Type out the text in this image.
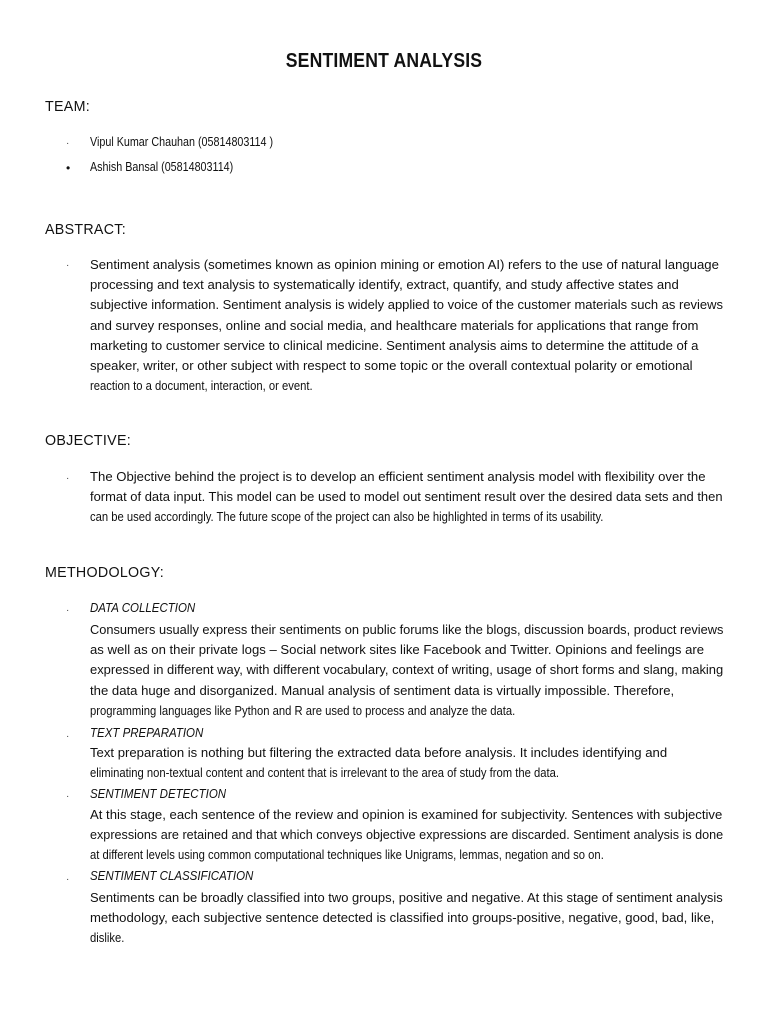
SENTIMENT ANALYSIS
TEAM:
· Vipul Kumar Chauhan (05814803114 )
• Ashish Bansal (05814803114)
ABSTRACT:
· Sentiment analysis (sometimes known as opinion mining or emotion AI) refers to the use of natural language
processing and text analysis to systematically identify, extract, quantify, and study affective states and
subjective information. Sentiment analysis is widely applied to voice of the customer materials such as reviews
and survey responses, online and social media, and healthcare materials for applications that range from
marketing to customer service to clinical medicine. Sentiment analysis aims to determine the attitude of a
speaker, writer, or other subject with respect to some topic or the overall contextual polarity or emotional
reaction to a document, interaction, or event.
OBJECTIVE:
· The Objective behind the project is to develop an efficient sentiment analysis model with flexibility over the
format of data input. This model can be used to model out sentiment result over the desired data sets and then
can be used accordingly. The future scope of the project can also be highlighted in terms of its usability.
METHODOLOGY:
· DATA COLLECTION
Consumers usually express their sentiments on public forums like the blogs, discussion boards, product reviews
as well as on their private logs – Social network sites like Facebook and Twitter. Opinions and feelings are
expressed in different way, with different vocabulary, context of writing, usage of short forms and slang, making
the data huge and disorganized. Manual analysis of sentiment data is virtually impossible. Therefore,
programming languages like Python and R are used to process and analyze the data.
· TEXT PREPARATION
Text preparation is nothing but filtering the extracted data before analysis. It includes identifying and
eliminating non-textual content and content that is irrelevant to the area of study from the data.
· SENTIMENT DETECTION
At this stage, each sentence of the review and opinion is examined for subjectivity. Sentences with subjective
expressions are retained and that which conveys objective expressions are discarded. Sentiment analysis is done
at different levels using common computational techniques like Unigrams, lemmas, negation and so on.
· SENTIMENT CLASSIFICATION
Sentiments can be broadly classified into two groups, positive and negative. At this stage of sentiment analysis
methodology, each subjective sentence detected is classified into groups-positive, negative, good, bad, like,
dislike.
